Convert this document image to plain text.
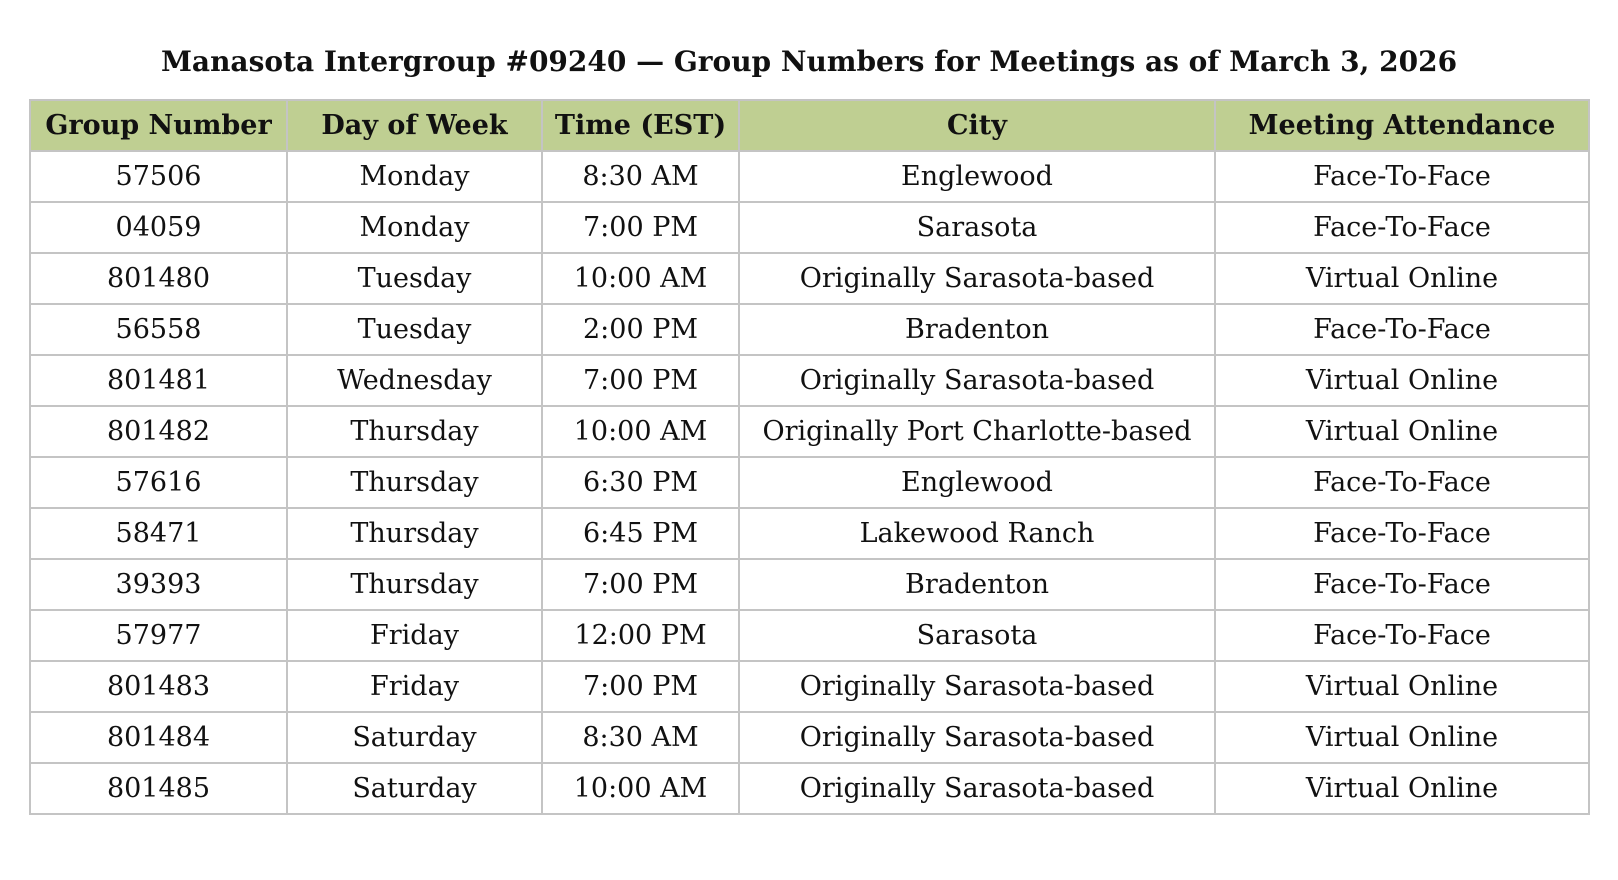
Manasota Intergroup #09240 — Group Numbers for Meetings as of March 3, 2026
Group Number	Day of Week	Time (EST)	City	Meeting Attendance
57506	Monday	8:30 AM	Englewood	Face-To-Face
04059	Monday	7:00 PM	Sarasota	Face-To-Face
801480	Tuesday	10:00 AM	Originally Sarasota-based	Virtual Online
56558	Tuesday	2:00 PM	Bradenton	Face-To-Face
801481	Wednesday	7:00 PM	Originally Sarasota-based	Virtual Online
801482	Thursday	10:00 AM	Originally Port Charlotte-based	Virtual Online
57616	Thursday	6:30 PM	Englewood	Face-To-Face
58471	Thursday	6:45 PM	Lakewood Ranch	Face-To-Face
39393	Thursday	7:00 PM	Bradenton	Face-To-Face
57977	Friday	12:00 PM	Sarasota	Face-To-Face
801483	Friday	7:00 PM	Originally Sarasota-based	Virtual Online
801484	Saturday	8:30 AM	Originally Sarasota-based	Virtual Online
801485	Saturday	10:00 AM	Originally Sarasota-based	Virtual Online
